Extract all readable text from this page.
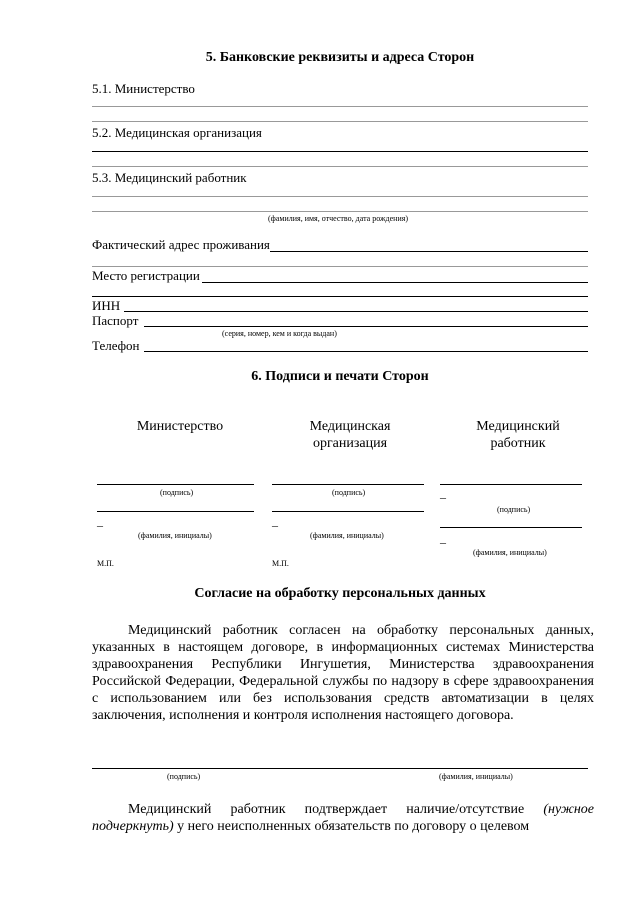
5. Банковские реквизиты и адреса Сторон
5.1. Министерство
5.2. Медицинская организация
5.3. Медицинский работник
(фамилия, имя, отчество, дата рождения)
Фактический адрес проживания
Место регистрации
ИНН
Паспорт
(серия, номер, кем и когда выдан)
Телефон
6. Подписи и печати Сторон
Министерство	Медицинская
организация
Медицинский
работник
(подпись)
–
(фамилия, инициалы)
М.П.
(подпись)
–
(фамилия, инициалы)
М.П.
–
(подпись)
–
(фамилия, инициалы)
Согласие на обработку персональных данных
Медицинский работник согласен на обработку персональных данных, указанных в настоящем договоре, в информационных системах Министерства здравоохранения Республики Ингушетия, Министерства здравоохранения Российской Федерации, Федеральной службы по надзору в сфере здравоохранения с использованием или без использования средств автоматизации в целях заключения, исполнения и контроля исполнения настоящего договора.
(подпись)	(фамилия, инициалы)
Медицинский работник подтверждает наличие/отсутствие (нужное подчеркнуть) у него неисполненных обязательств по договору о целевом
